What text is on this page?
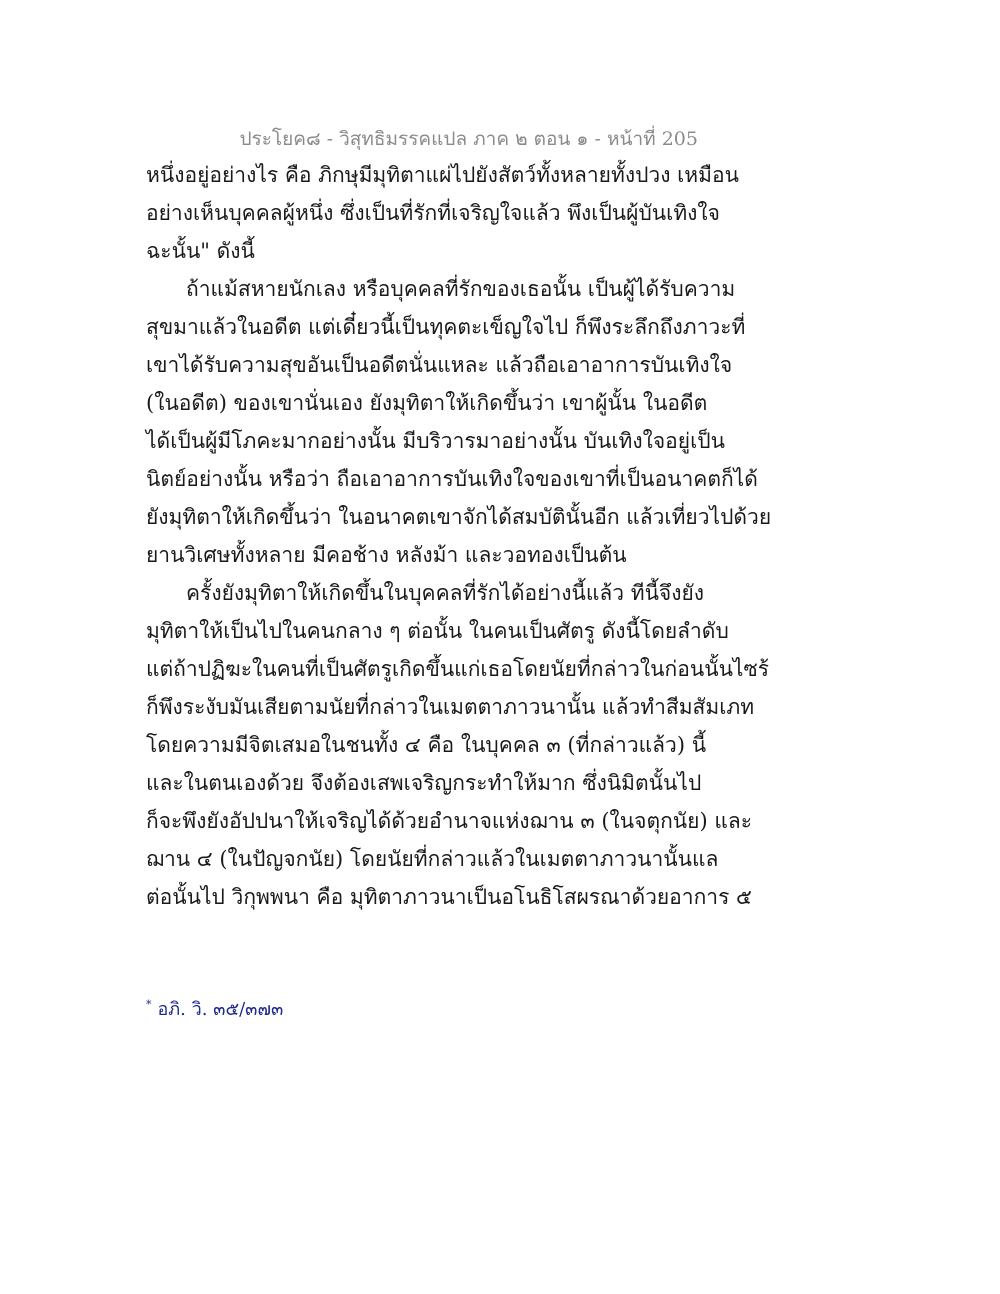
ประโยค๘ - วิสุทธิมรรคแปล ภาค ๒ ตอน ๑ - หน้าที่ 205
หนึ่งอยู่อย่างไร คือ ภิกษุมีมุทิตาแผ่ไปยังสัตว์ทั้งหลายทั้งปวง เหมือน
อย่างเห็นบุคคลผู้หนึ่ง ซึ่งเป็นที่รักที่เจริญใจแล้ว พึงเป็นผู้บันเทิงใจ
ฉะนั้น" ดังนี้
ถ้าแม้สหายนักเลง หรือบุคคลที่รักของเธอนั้น เป็นผู้ได้รับความ
สุขมาแล้วในอดีต แต่เดี๋ยวนี้เป็นทุคตะเข็ญใจไป ก็พึงระลึกถึงภาวะที่
เขาได้รับความสุขอันเป็นอดีตนั่นแหละ แล้วถือเอาอาการบันเทิงใจ
(ในอดีต) ของเขานั่นเอง ยังมุทิตาให้เกิดขึ้นว่า เขาผู้นั้น ในอดีต
ได้เป็นผู้มีโภคะมากอย่างนั้น มีบริวารมาอย่างนั้น บันเทิงใจอยู่เป็น
นิตย์อย่างนั้น หรือว่า ถือเอาอาการบันเทิงใจของเขาที่เป็นอนาคตก็ได้
ยังมุทิตาให้เกิดขึ้นว่า ในอนาคตเขาจักได้สมบัตินั้นอีก แล้วเที่ยวไปด้วย
ยานวิเศษทั้งหลาย มีคอช้าง หลังม้า และวอทองเป็นต้น
ครั้งยังมุทิตาให้เกิดขึ้นในบุคคลที่รักได้อย่างนี้แล้ว ทีนี้จึงยัง
มุทิตาให้เป็นไปในคนกลาง ๆ ต่อนั้น ในคนเป็นศัตรู ดังนี้โดยลำดับ
แต่ถ้าปฏิฆะในคนที่เป็นศัตรูเกิดขึ้นแก่เธอโดยนัยที่กล่าวในก่อนนั้นไซร้
ก็พึงระงับมันเสียตามนัยที่กล่าวในเมตตาภาวนานั้น แล้วทำสีมสัมเภท
โดยความมีจิตเสมอในชนทั้ง ๔ คือ ในบุคคล ๓ (ที่กล่าวแล้ว) นี้
และในตนเองด้วย จึงต้องเสพเจริญกระทำให้มาก ซึ่งนิมิตนั้นไป
ก็จะพึงยังอัปปนาให้เจริญได้ด้วยอำนาจแห่งฌาน ๓ (ในจตุกนัย) และ
ฌาน ๔ (ในปัญจกนัย) โดยนัยที่กล่าวแล้วในเมตตาภาวนานั้นแล
ต่อนั้นไป วิกุพพนา คือ มุทิตาภาวนาเป็นอโนธิโสผรณาด้วยอาการ ๕
* อภิ. วิ. ๓๕/๓๗๓
